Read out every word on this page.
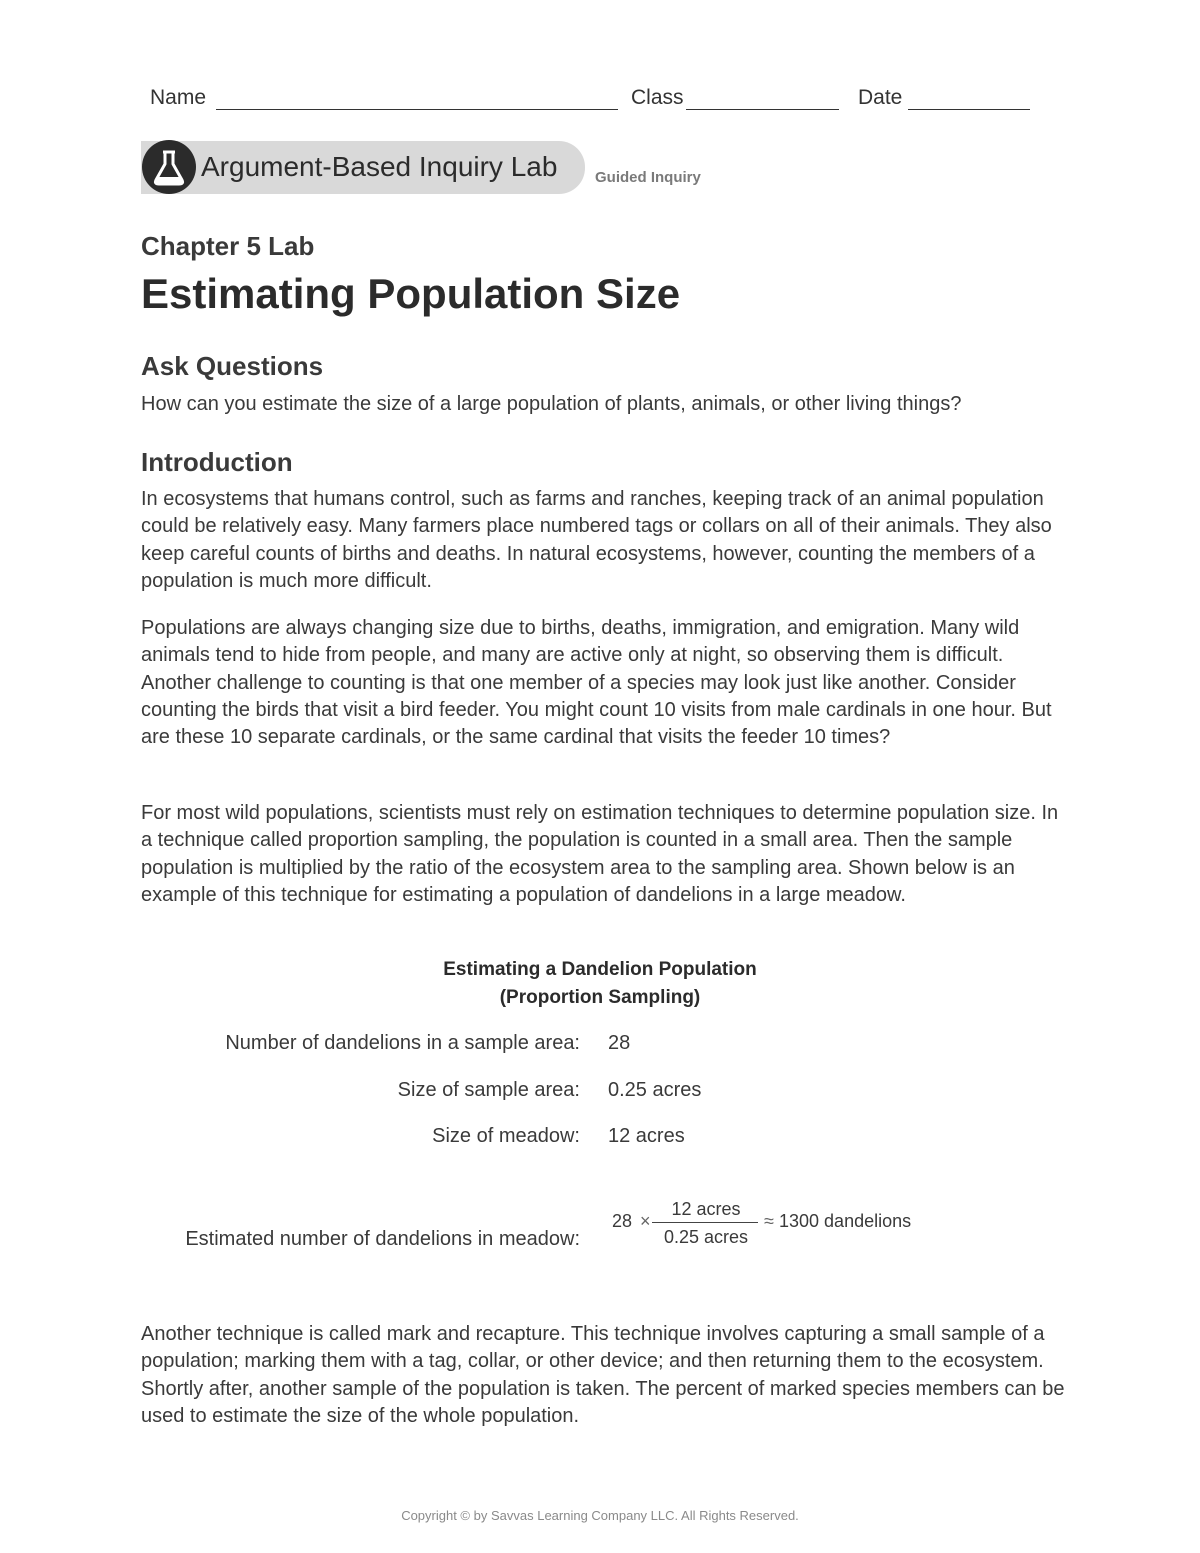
Name	Class	Date
Argument-Based Inquiry Lab	Guided Inquiry
Chapter 5 Lab
Estimating Population Size
Ask Questions
How can you estimate the size of a large population of plants, animals, or other living things?
Introduction
In ecosystems that humans control, such as farms and ranches, keeping track of an animal population could be relatively easy. Many farmers place numbered tags or collars on all of their animals. They also keep careful counts of births and deaths. In natural ecosystems, however, counting the members of a population is much more difficult.
Populations are always changing size due to births, deaths, immigration, and emigration. Many wild animals tend to hide from people, and many are active only at night, so observing them is difficult. Another challenge to counting is that one member of a species may look just like another. Consider counting the birds that visit a bird feeder. You might count 10 visits from male cardinals in one hour. But are these 10 separate cardinals, or the same cardinal that visits the feeder 10 times?
For most wild populations, scientists must rely on estimation techniques to determine population size. In a technique called proportion sampling, the population is counted in a small area. Then the sample population is multiplied by the ratio of the ecosystem area to the sampling area. Shown below is an example of this technique for estimating a population of dandelions in a large meadow.
Estimating a Dandelion Population
(Proportion Sampling)
Number of dandelions in a sample area: 28
Size of sample area: 0.25 acres
Size of meadow: 12 acres
Estimated number of dandelions in meadow:
28 ×
12 acres
0.25 acres
≈ 1300 dandelions
Another technique is called mark and recapture. This technique involves capturing a small sample of a population; marking them with a tag, collar, or other device; and then returning them to the ecosystem. Shortly after, another sample of the population is taken. The percent of marked species members can be used to estimate the size of the whole population.
Copyright © by Savvas Learning Company LLC. All Rights Reserved.
